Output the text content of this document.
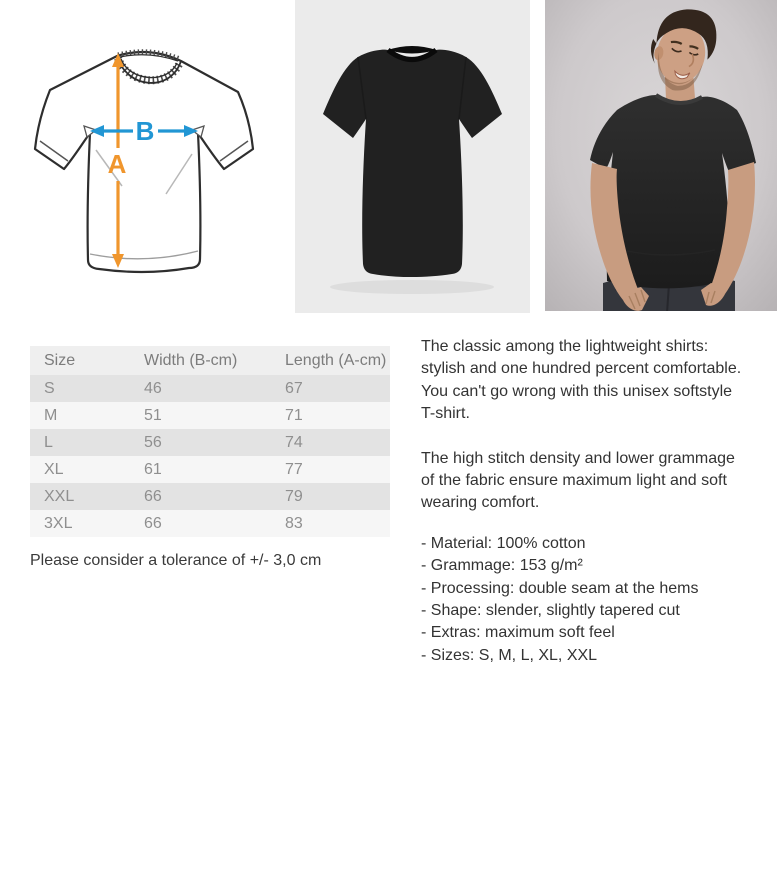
A
B
Size	Width (B-cm)	Length (A-cm)
S	46	67
M	51	71
L	56	74
XL	61	77
XXL	66	79
3XL	66	83
Please consider a tolerance of +/- 3,0 cm
The classic among the lightweight shirts:
stylish and one hundred percent comfortable.
You can't go wrong with this unisex softstyle
T-shirt.
The high stitch density and lower grammage
of the fabric ensure maximum light and soft
wearing comfort.
- Material: 100% cotton
- Grammage: 153 g/m²
- Processing: double seam at the hems
- Shape: slender, slightly tapered cut
- Extras: maximum soft feel
- Sizes: S, M, L, XL, XXL
